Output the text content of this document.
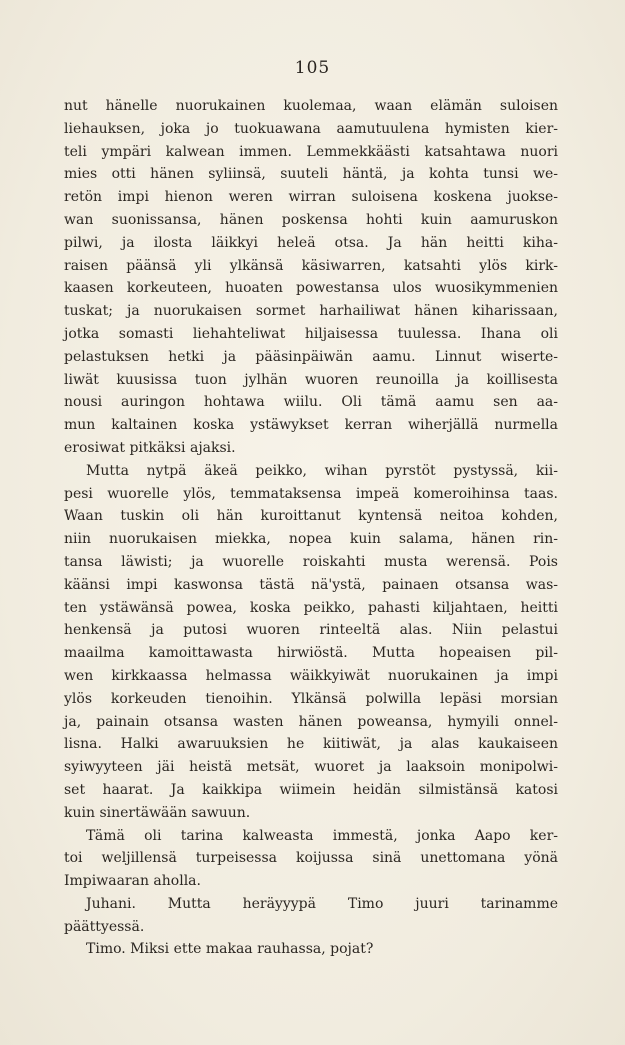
105
nut hänelle nuorukainen kuolemaa, waan elämän suloisen
liehauksen, joka jo tuokuawana aamutuulena hymisten kier-
teli ympäri kalwean immen. Lemmekkäästi katsahtawa nuori
mies otti hänen syliinsä, suuteli häntä, ja kohta tunsi we-
retön impi hienon weren wirran suloisena koskena juokse-
wan suonissansa, hänen poskensa hohti kuin aamuruskon
pilwi, ja ilosta läikkyi heleä otsa. Ja hän heitti kiha-
raisen päänsä yli ylkänsä käsiwarren, katsahti ylös kirk-
kaasen korkeuteen, huoaten powestansa ulos wuosikymmenien
tuskat; ja nuorukaisen sormet harhailiwat hänen kiharissaan,
jotka somasti liehahteliwat hiljaisessa tuulessa. Ihana oli
pelastuksen hetki ja pääsinpäiwän aamu. Linnut wiserte-
liwät kuusissa tuon jylhän wuoren reunoilla ja koillisesta
nousi auringon hohtawa wiilu. Oli tämä aamu sen aa-
mun kaltainen koska ystäwykset kerran wiherjällä nurmella
erosiwat pitkäksi ajaksi.
Mutta nytpä äkeä peikko, wihan pyrstöt pystyssä, kii-
pesi wuorelle ylös, temmataksensa impeä komeroihinsa taas.
Waan tuskin oli hän kuroittanut kyntensä neitoa kohden,
niin nuorukaisen miekka, nopea kuin salama, hänen rin-
tansa läwisti; ja wuorelle roiskahti musta werensä. Pois
käänsi impi kaswonsa tästä nä'ystä, painaen otsansa was-
ten ystäwänsä powea, koska peikko, pahasti kiljahtaen, heitti
henkensä ja putosi wuoren rinteeltä alas. Niin pelastui
maailma kamoittawasta hirwiöstä. Mutta hopeaisen pil-
wen kirkkaassa helmassa wäikkyiwät nuorukainen ja impi
ylös korkeuden tienoihin. Ylkänsä polwilla lepäsi morsian
ja, painain otsansa wasten hänen poweansa, hymyili onnel-
lisna. Halki awaruuksien he kiitiwät, ja alas kaukaiseen
syiwyyteen jäi heistä metsät, wuoret ja laaksoin monipolwi-
set haarat. Ja kaikkipa wiimein heidän silmistänsä katosi
kuin sinertäwään sawuun.
Tämä oli tarina kalweasta immestä, jonka Aapo ker-
toi weljillensä turpeisessa koijussa sinä unettomana yönä
Impiwaaran aholla.
Juhani. Mutta heräyyypä Timo juuri tarinamme
päättyessä.
Timo. Miksi ette makaa rauhassa, pojat?
